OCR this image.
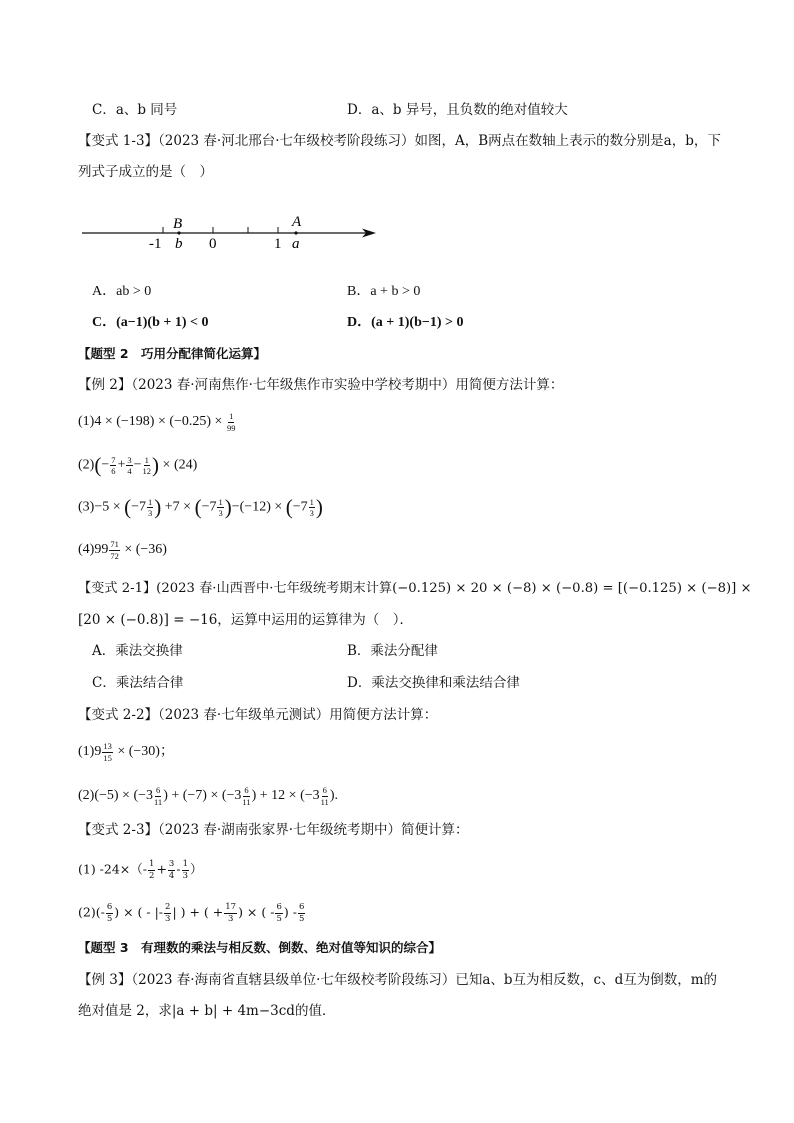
C．a、b 同号	D．a、b 异号，且负数的绝对值较大
【变式 1-3】（2023 春·河北邢台·七年级校考阶段练习）如图，A，B两点在数轴上表示的数分别是a，b，下
列式子成立的是（　）
B
b
A
a
-1	0	1
A．ab > 0	B．a + b > 0
C．(a−1)(b + 1) < 0	D．(a + 1)(b−1) > 0
【题型 2　巧用分配律简化运算】
【例 2】（2023 春·河南焦作·七年级焦作市实验中学校考期中）用简便方法计算：
$(1)4 \times (-198) \times (-0.25) \times \frac{1}{99}$
$(2)(- \frac{7}{6} + \frac{3}{4} - \frac{1}{12}$ ) × (24)
$(3)-5 \times (-7 \frac{1}{3}$ ) $+7 \times (-7 \frac{1}{3} )-(-12) \times (-7 \frac{1}{3}$ )
$(4)99 \frac{71}{72} \times (-36)$
【变式 2-1】(2023 春·山西晋中·七年级统考期末计算(−0.125) × 20 × (−8) × (−0.8) = [(−0.125) × (−8)] ×
[20 × (−0.8)] = −16，运算中运用的运算律为（　）．
A．乘法交换律	B．乘法分配律
C．乘法结合律	D．乘法交换律和乘法结合律
【变式 2-2】（2023 春·七年级单元测试）用简便方法计算：
$(1)9 \frac{13}{15} \times (-30)$；
$(2)(-5) \times (-3 \frac{6}{11}$ ) + $(-7) \times (-3 \frac{6}{11}$ ) + $12 \times (-3 \frac{6}{11}$ ).
【变式 2-3】（2023 春·湖南张家界·七年级统考期中）简便计算：
(1) $-24\times(- \frac{1}{2} + \frac{3}{4} - \frac{1}{3}$ ）
$(2)(- \frac{6}{5}$ ) × ( - |- $\frac{2}{3}$ | ) + ( + $\frac{17}{3}$ ) × ( - $\frac{6}{5}$ ) - $\frac{6}{5}$
【题型 3　有理数的乘法与相反数、倒数、绝对值等知识的综合】
【例 3】（2023 春·海南省直辖县级单位·七年级校考阶段练习）已知a、b互为相反数，c、d互为倒数，m的
绝对值是 2，求|a + b| + 4m−3cd的值．
